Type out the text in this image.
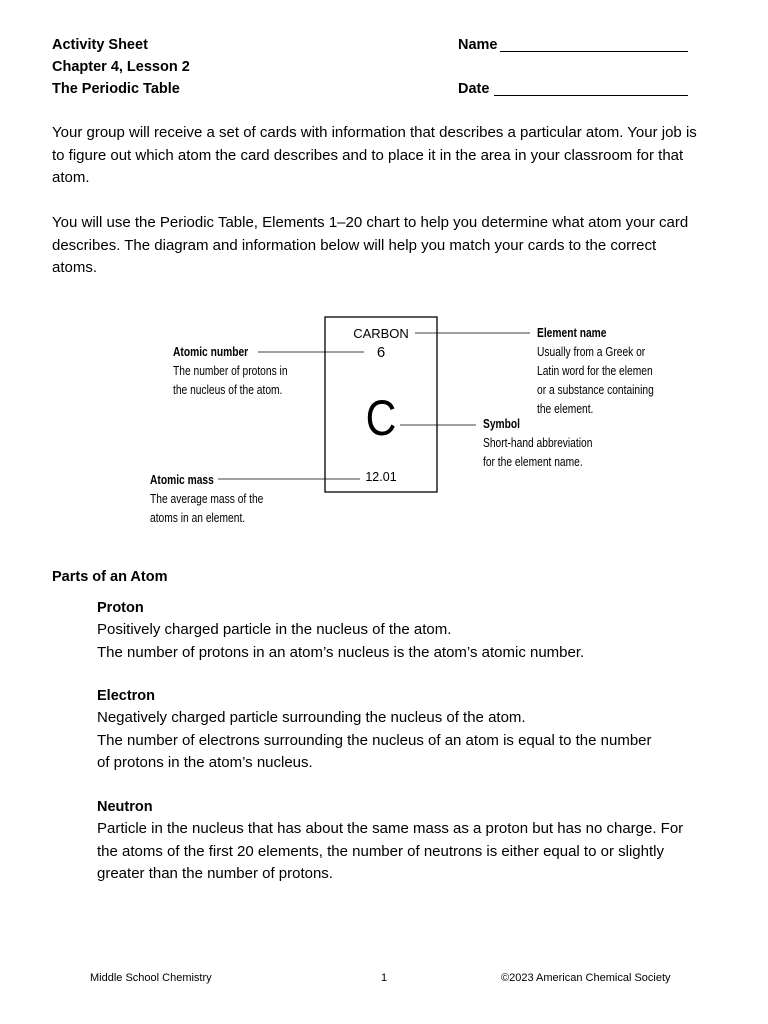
Activity Sheet
Chapter 4, Lesson 2
The Periodic Table
Name
Date
Your group will receive a set of cards with information that describes a particular atom. Your job is to figure out which atom the card describes and to place it in the area in your classroom for that atom.
You will use the Periodic Table, Elements 1–20 chart to help you determine what atom your card describes. The diagram and information below will help you match your cards to the correct atoms.
CARBON
6
C
12.01
Atomic number
The number of protons in
the nucleus of the atom.
Atomic mass
The average mass of the
atoms in an element.
Element name
Usually from a Greek or
Latin word for the elemen
or a substance containing
the element.
Symbol
Short-hand abbreviation
for the element name.
Parts of an Atom
Proton
Positively charged particle in the nucleus of the atom.
The number of protons in an atom’s nucleus is the atom’s atomic number.
Electron
Negatively charged particle surrounding the nucleus of the atom.
The number of electrons surrounding the nucleus of an atom is equal to the number of protons in the atom’s nucleus.
Neutron
Particle in the nucleus that has about the same mass as a proton but has no charge. For the atoms of the first 20 elements, the number of neutrons is either equal to or slightly greater than the number of protons.
Middle School Chemistry	1	©2023 American Chemical Society
